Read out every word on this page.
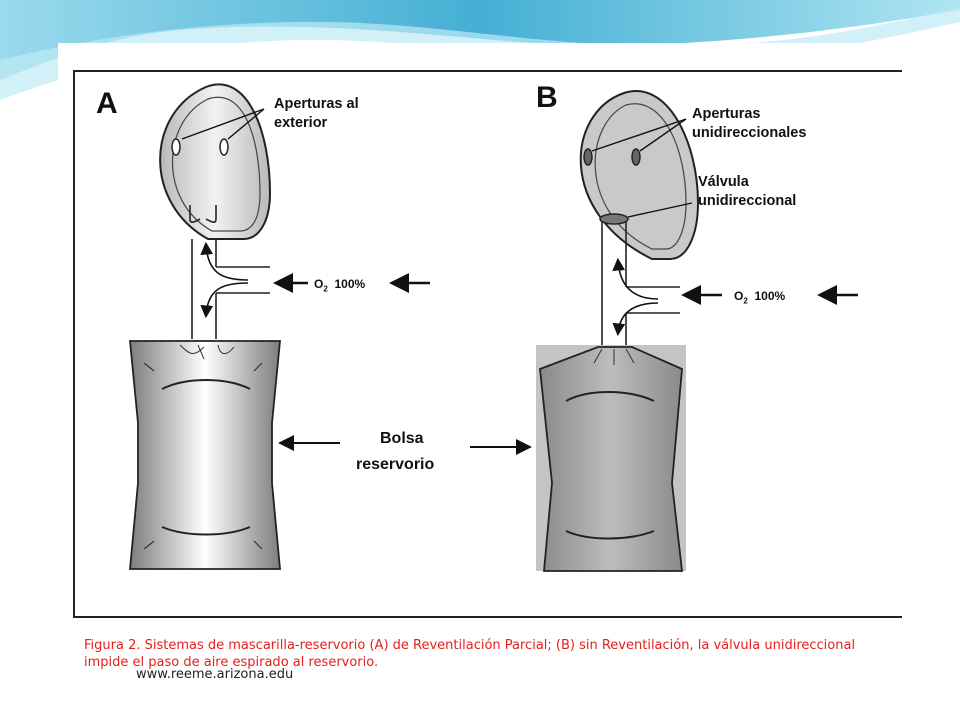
A	B
Aperturas al
exterior
$O_2$ 100%
Aperturas
unidireccionales
Válvula
unidireccional
$O_2$ 100%
Bolsa
reservorio
Figura 2. Sistemas de mascarilla-reservorio (A) de Reventilación Parcial; (B) sin Reventilación, la válvula unidireccional impide el paso de aire espirado al reservorio.
www.reeme.arizona.edu
